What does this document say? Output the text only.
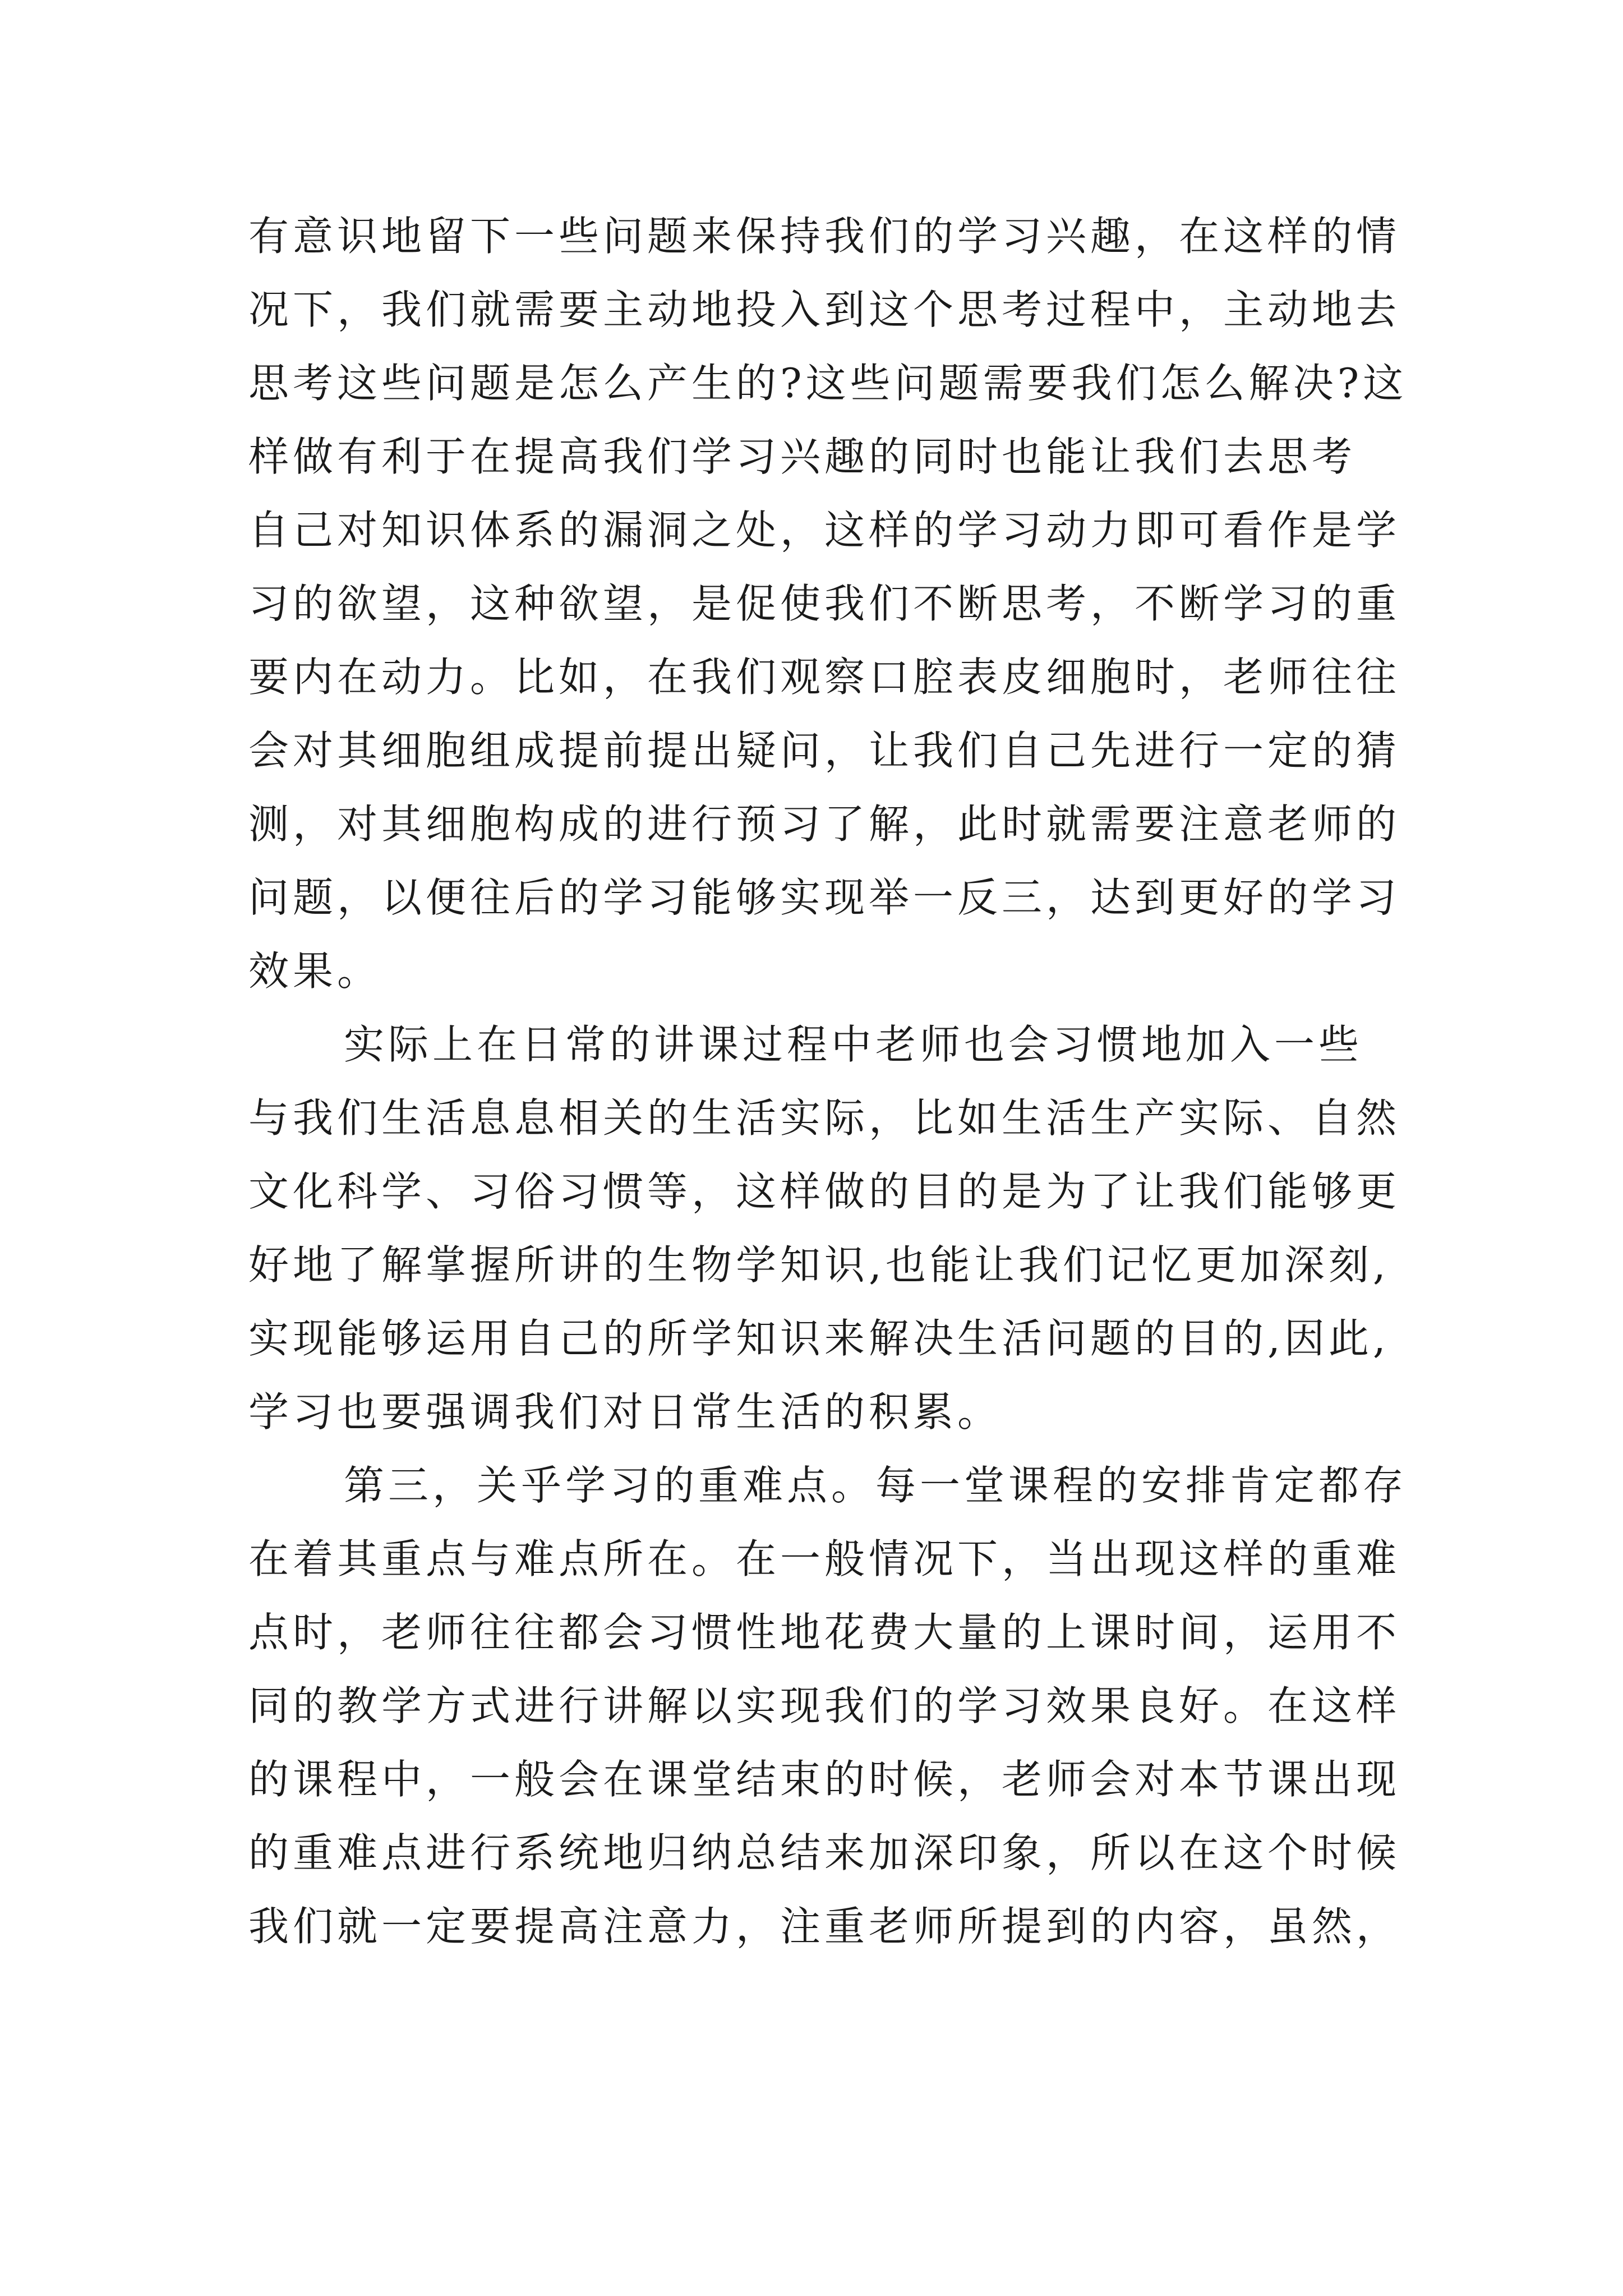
有意识地留下一些问题来保持我们的学习兴趣，在这样的情
况下，我们就需要主动地投入到这个思考过程中，主动地去
思考这些问题是怎么产生的?这些问题需要我们怎么解决?这
样做有利于在提高我们学习兴趣的同时也能让我们去思考
自己对知识体系的漏洞之处，这样的学习动力即可看作是学
习的欲望，这种欲望，是促使我们不断思考，不断学习的重
要内在动力。比如，在我们观察口腔表皮细胞时，老师往往
会对其细胞组成提前提出疑问，让我们自己先进行一定的猜
测，对其细胞构成的进行预习了解，此时就需要注意老师的
问题，以便往后的学习能够实现举一反三，达到更好的学习
效果。
实际上在日常的讲课过程中老师也会习惯地加入一些
与我们生活息息相关的生活实际，比如生活生产实际、自然
文化科学、习俗习惯等，这样做的目的是为了让我们能够更
好地了解掌握所讲的生物学知识,也能让我们记忆更加深刻,
实现能够运用自己的所学知识来解决生活问题的目的,因此,
学习也要强调我们对日常生活的积累。
第三，关乎学习的重难点。每一堂课程的安排肯定都存
在着其重点与难点所在。在一般情况下，当出现这样的重难
点时，老师往往都会习惯性地花费大量的上课时间，运用不
同的教学方式进行讲解以实现我们的学习效果良好。在这样
的课程中，一般会在课堂结束的时候，老师会对本节课出现
的重难点进行系统地归纳总结来加深印象，所以在这个时候
我们就一定要提高注意力，注重老师所提到的内容，虽然，
